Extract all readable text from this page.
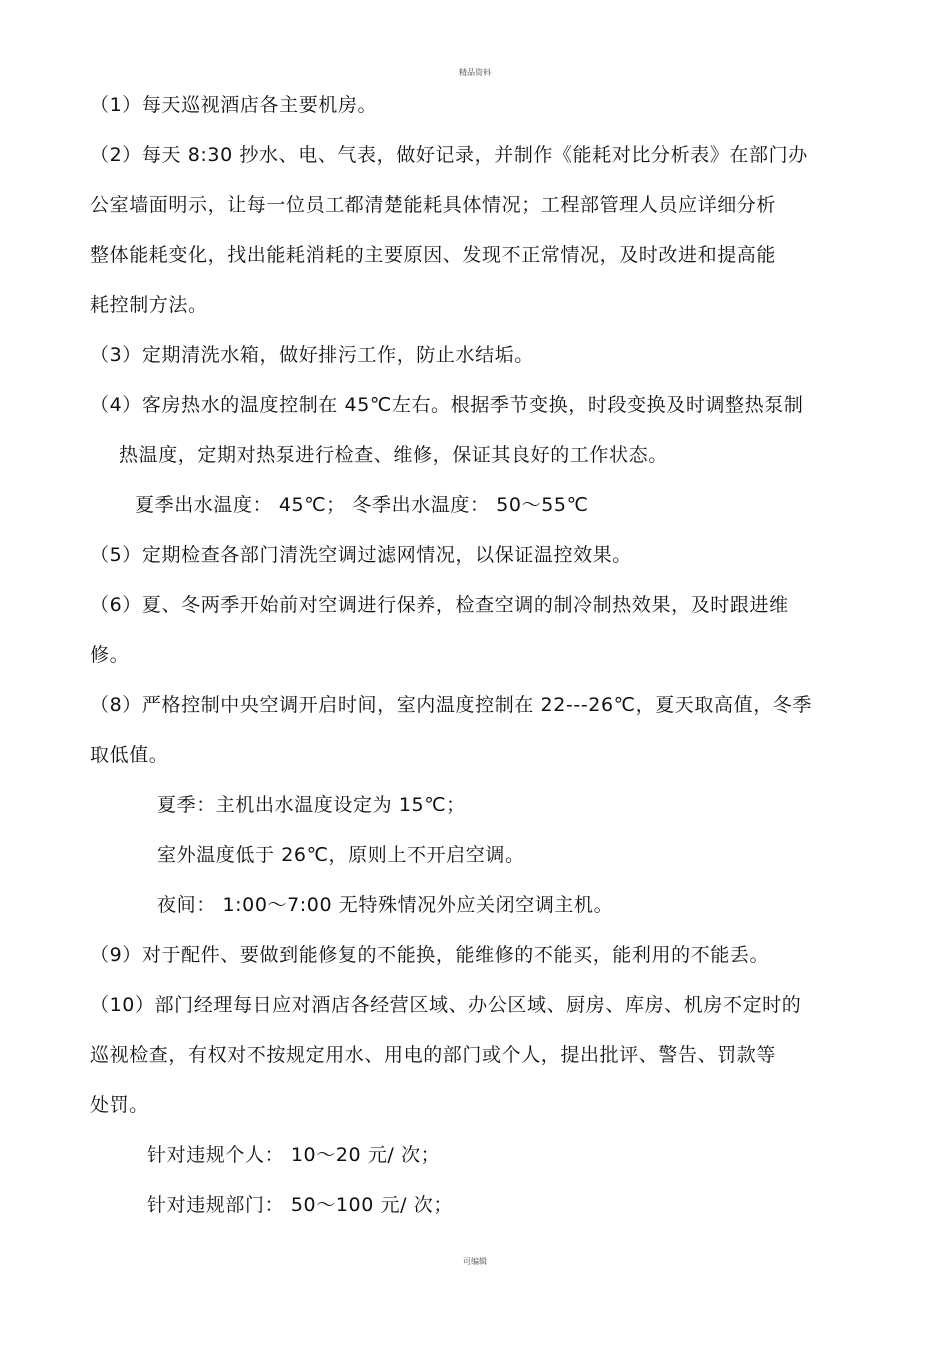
精品资料
（1）每天巡视酒店各主要机房。
（2）每天 8:30 抄水、电、气表，做好记录，并制作《能耗对比分析表》在部门办
公室墙面明示，让每一位员工都清楚能耗具体情况；工程部管理人员应详细分析
整体能耗变化，找出能耗消耗的主要原因、发现不正常情况，及时改进和提高能
耗控制方法。
（3）定期清洗水箱，做好排污工作，防止水结垢。
（4）客房热水的温度控制在 45℃左右。根据季节变换，时段变换及时调整热泵制
热温度，定期对热泵进行检查、维修，保证其良好的工作状态。
夏季出水温度： 45℃； 冬季出水温度： 50～55℃
（5）定期检查各部门清洗空调过滤网情况，以保证温控效果。
（6）夏、冬两季开始前对空调进行保养，检查空调的制冷制热效果，及时跟进维
修。
（8）严格控制中央空调开启时间，室内温度控制在 22---26℃，夏天取高值，冬季
取低值。
夏季：主机出水温度设定为 15℃；
室外温度低于 26℃，原则上不开启空调。
夜间： 1:00～7:00 无特殊情况外应关闭空调主机。
（9）对于配件、要做到能修复的不能换，能维修的不能买，能利用的不能丢。
（10）部门经理每日应对酒店各经营区域、办公区域、厨房、库房、机房不定时的
巡视检查，有权对不按规定用水、用电的部门或个人，提出批评、警告、罚款等
处罚。
针对违规个人： 10～20 元/ 次；
针对违规部门： 50～100 元/ 次；
可编辑
